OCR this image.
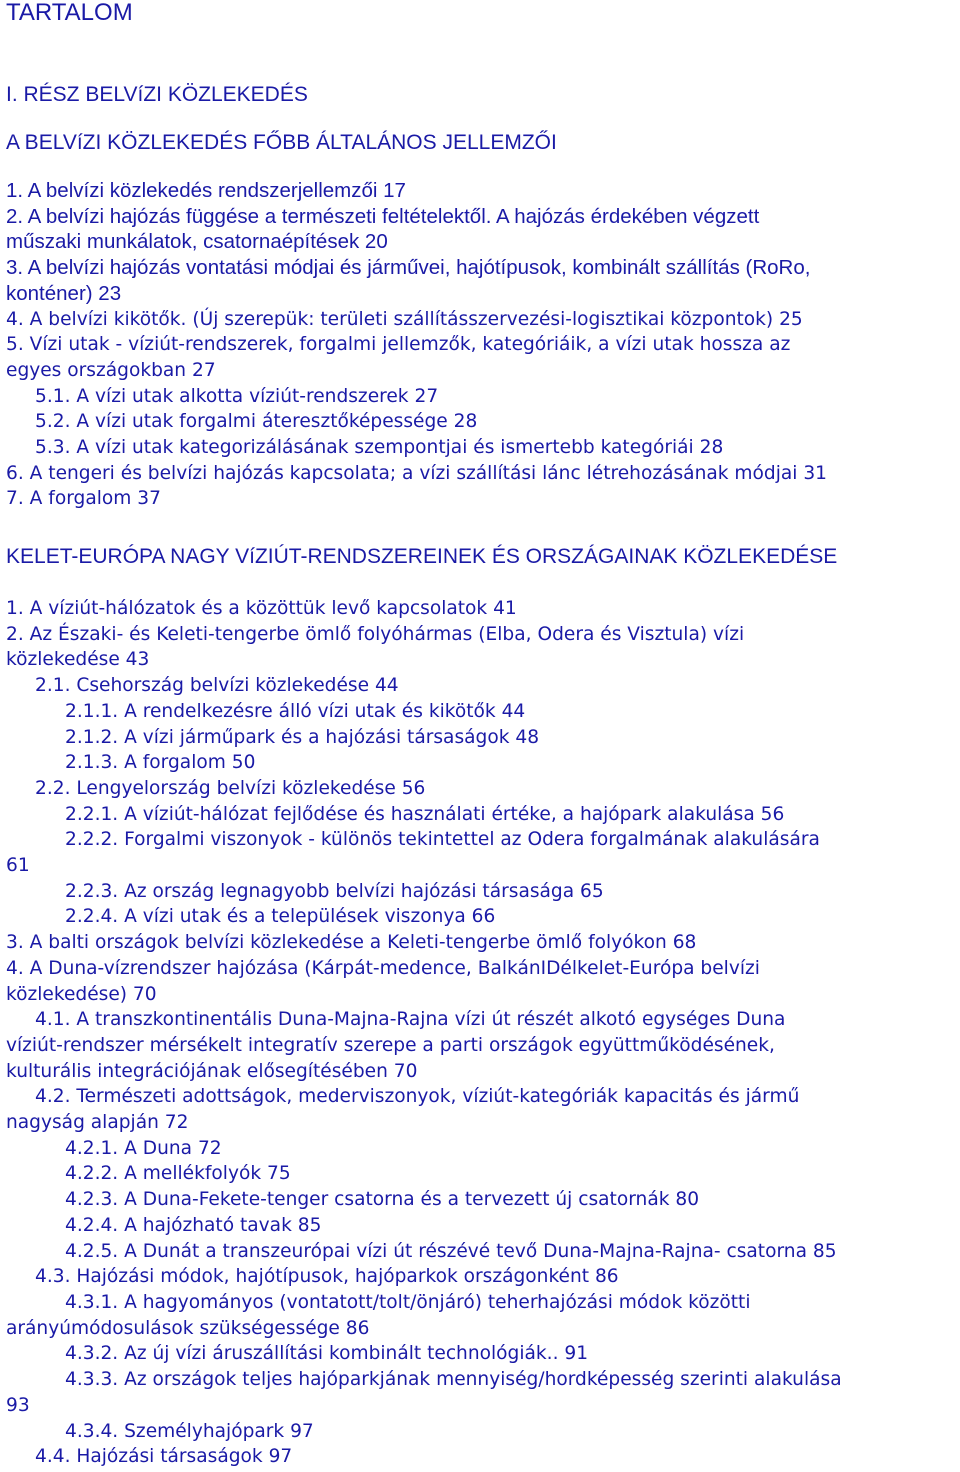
TARTALOM
I. RÉSZ BELVíZI KÖZLEKEDÉS
A BELVíZI KÖZLEKEDÉS FŐBB ÁLTALÁNOS JELLEMZŐI
1. A belvízi közlekedés rendszerjellemzői 17
2. A belvízi hajózás függése a természeti feltételektől. A hajózás érdekében végzett
műszaki munkálatok, csatornaépítések 20
3. A belvízi hajózás vontatási módjai és járművei, hajótípusok, kombinált szállítás (RoRo,
konténer) 23
4. A belvízi kikötők. (Új szerepük: területi szállításszervezési-logisztikai központok) 25
5. Vízi utak - víziút-rendszerek, forgalmi jellemzők, kategóriáik, a vízi utak hossza az
egyes országokban 27
5.1. A vízi utak alkotta víziút-rendszerek 27
5.2. A vízi utak forgalmi áteresztőképessége 28
5.3. A vízi utak kategorizálásának szempontjai és ismertebb kategóriái 28
6. A tengeri és belvízi hajózás kapcsolata; a vízi szállítási lánc létrehozásának módjai 31
7. A forgalom 37
KELET-EURÓPA NAGY VíZIÚT-RENDSZEREINEK ÉS ORSZÁGAINAK KÖZLEKEDÉSE
1. A víziút-hálózatok és a közöttük levő kapcsolatok 41
2. Az Északi- és Keleti-tengerbe ömlő folyóhármas (Elba, Odera és Visztula) vízi
közlekedése 43
2.1. Csehország belvízi közlekedése 44
2.1.1. A rendelkezésre álló vízi utak és kikötők 44
2.1.2. A vízi járműpark és a hajózási társaságok 48
2.1.3. A forgalom 50
2.2. Lengyelország belvízi közlekedése 56
2.2.1. A víziút-hálózat fejlődése és használati értéke, a hajópark alakulása 56
2.2.2. Forgalmi viszonyok - különös tekintettel az Odera forgalmának alakulására
61
2.2.3. Az ország legnagyobb belvízi hajózási társasága 65
2.2.4. A vízi utak és a települések viszonya 66
3. A balti országok belvízi közlekedése a Keleti-tengerbe ömlő folyókon 68
4. A Duna-vízrendszer hajózása (Kárpát-medence, BalkánIDélkelet-Európa belvízi
közlekedése) 70
4.1. A transzkontinentális Duna-Majna-Rajna vízi út részét alkotó egységes Duna
víziút-rendszer mérsékelt integratív szerepe a parti országok együttműködésének,
kulturális integrációjának elősegítésében 70
4.2. Természeti adottságok, mederviszonyok, víziút-kategóriák kapacitás és jármű
nagyság alapján 72
4.2.1. A Duna 72
4.2.2. A mellékfolyók 75
4.2.3. A Duna-Fekete-tenger csatorna és a tervezett új csatornák 80
4.2.4. A hajózható tavak 85
4.2.5. A Dunát a transzeurópai vízi út részévé tevő Duna-Majna-Rajna- csatorna 85
4.3. Hajózási módok, hajótípusok, hajóparkok országonként 86
4.3.1. A hagyományos (vontatott/tolt/önjáró) teherhajózási módok közötti
arányúmódosulások szükségessége 86
4.3.2. Az új vízi áruszállítási kombinált technológiák.. 91
4.3.3. Az országok teljes hajóparkjának mennyiség/hordképesség szerinti alakulása
93
4.3.4. Személyhajópark 97
4.4. Hajózási társaságok 97
